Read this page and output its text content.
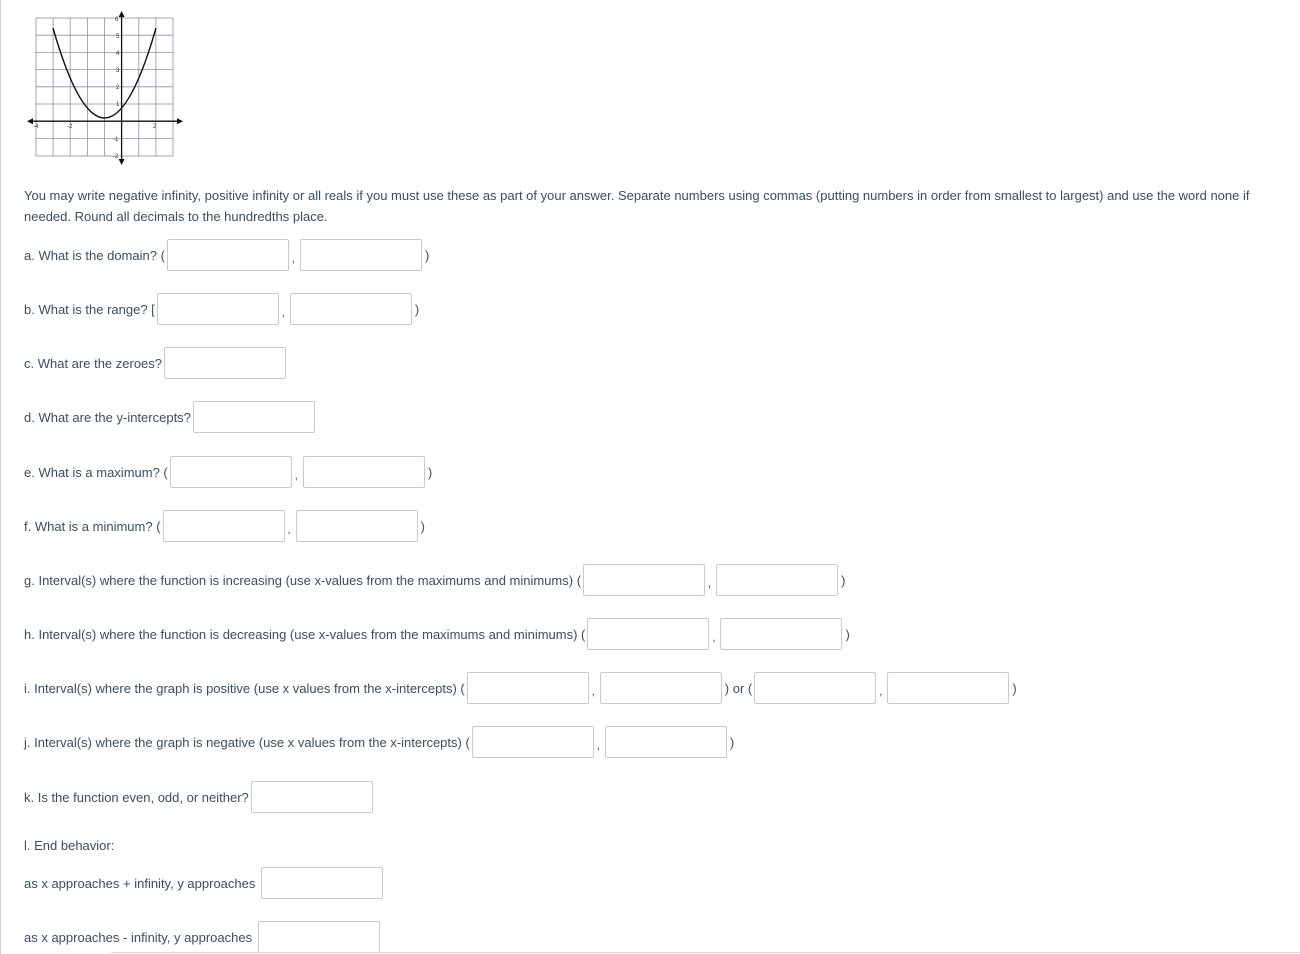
-4	-2	2
6
5
4
3
2
1
-1
-2

You may write negative infinity, positive infinity or all reals if you must use these as part of your answer. Separate numbers using commas (putting numbers in order from smallest to largest) and use the word none if needed. Round all decimals to the hundredths place.

a. What is the domain? (	,	)
b. What is the range? [	,	)
c. What are the zeroes?
d. What are the y-intercepts?
e. What is a maximum? (	,	)
f. What is a minimum? (	,	)
g. Interval(s) where the function is increasing (use x-values from the maximums and minimums) (	,	)
h. Interval(s) where the function is decreasing (use x-values from the maximums and minimums) (	,	)
i. Interval(s) where the graph is positive (use x values from the x-intercepts) (	,	) or (	,	)
j. Interval(s) where the graph is negative (use x values from the x-intercepts) (	,	)
k. Is the function even, odd, or neither?
l. End behavior:
as x approaches + infinity, y approaches
as x approaches - infinity, y approaches
